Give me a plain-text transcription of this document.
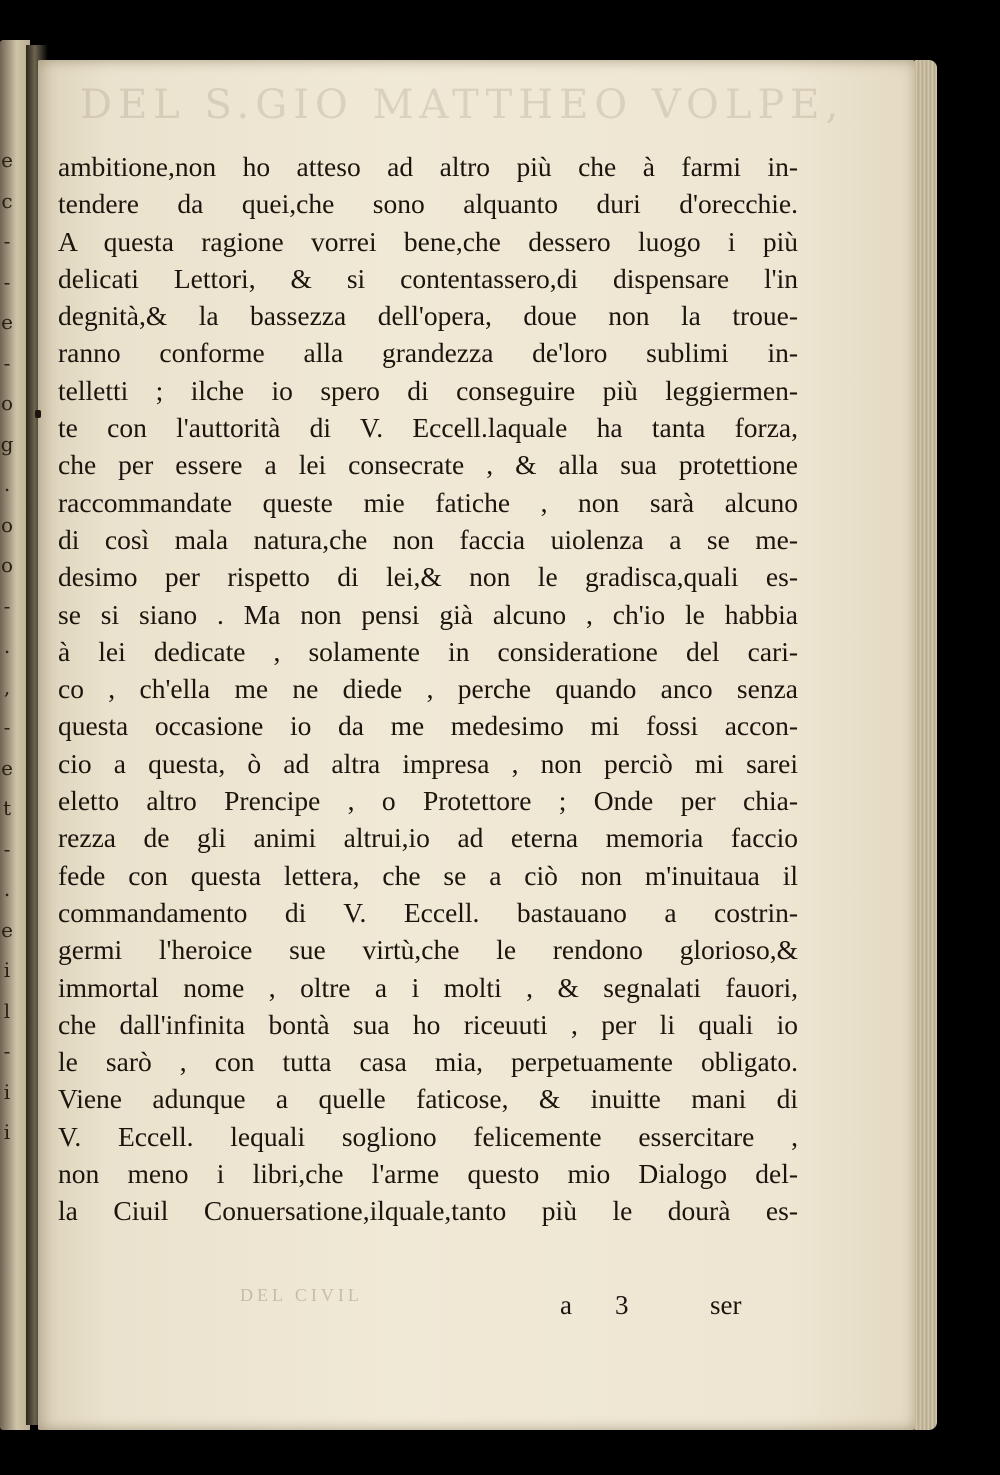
e
c
-
-
e
-
o
g
.
o
o
-
.
,
-
e
t
-
.
e
i
l
-
i
i
DEL S.GIO MATTHEO VOLPE,
ambitione,non ho atteso ad altro più che à farmi in-
tendere da quei,che sono alquanto duri d'orecchie.
A questa ragione vorrei bene,che dessero luogo i più
delicati Lettori, & si contentassero,di dispensare l'in
degnità,& la bassezza dell'opera, doue non la troue-
ranno conforme alla grandezza de'loro sublimi in-
telletti ; ilche io spero di conseguire più leggiermen-
te con l'auttorità di V. Eccell.laquale ha tanta forza,
che per essere a lei consecrate , & alla sua protettione
raccommandate queste mie fatiche , non sarà alcuno
di così mala natura,che non faccia uiolenza a se me-
desimo per rispetto di lei,& non le gradisca,quali es-
se si siano . Ma non pensi già alcuno , ch'io le habbia
à lei dedicate , solamente in consideratione del cari-
co , ch'ella me ne diede , perche quando anco senza
questa occasione io da me medesimo mi fossi accon-
cio a questa, ò ad altra impresa , non perciò mi sarei
eletto altro Prencipe , o Protettore ; Onde per chia-
rezza de gli animi altrui,io ad eterna memoria faccio
fede con questa lettera, che se a ciò non m'inuitaua il
commandamento di V. Eccell. bastauano a costrin-
germi l'heroice sue virtù,che le rendono glorioso,&
immortal nome , oltre a i molti , & segnalati fauori,
che dall'infinita bontà sua ho riceuuti , per li quali io
le sarò , con tutta casa mia, perpetuamente obligato.
Viene adunque a quelle faticose, & inuitte mani di
V. Eccell. lequali sogliono felicemente essercitare ,
non meno i libri,che l'arme questo mio Dialogo del-
la Ciuil Conuersatione,ilquale,tanto più le dourà es-
DEL CIVIL	a 3	ser
